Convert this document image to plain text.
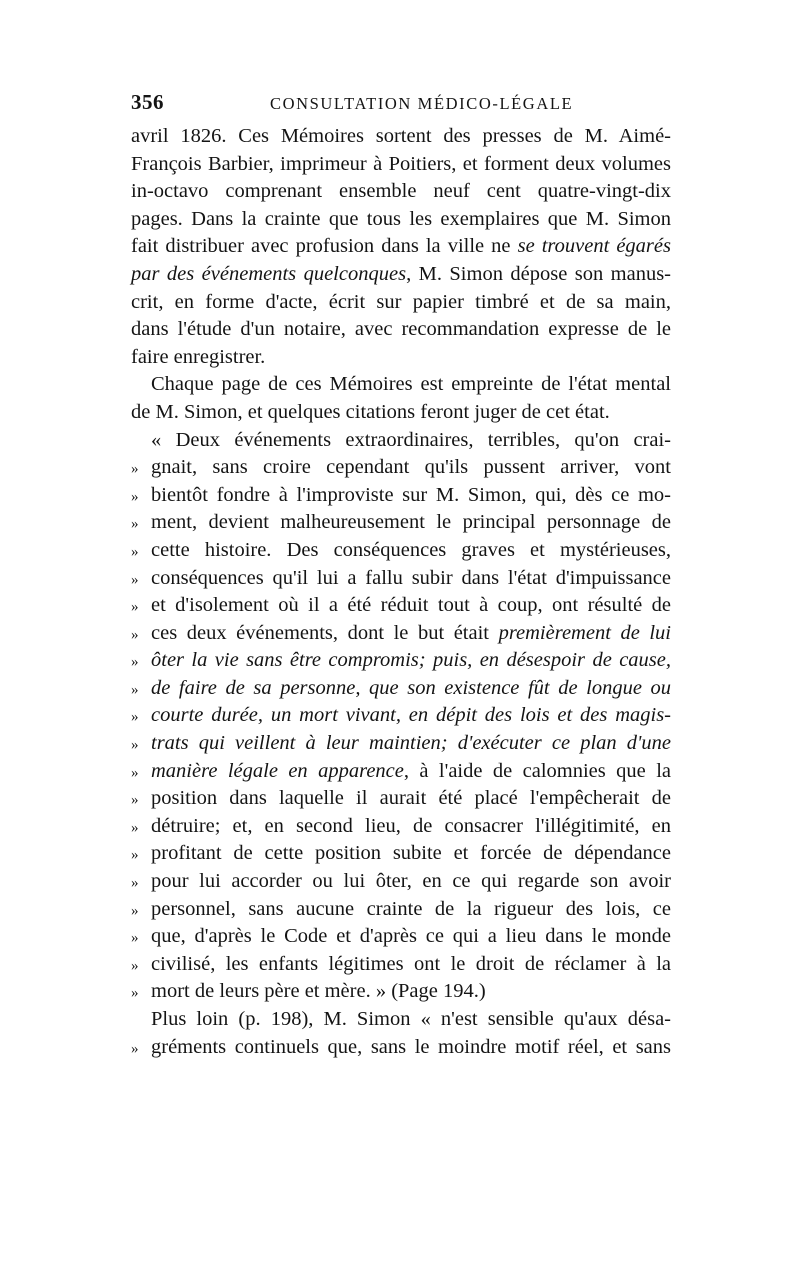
356	CONSULTATION MÉDICO-LÉGALE
avril 1826. Ces Mémoires sortent des presses de M. Aimé-
François Barbier, imprimeur à Poitiers, et forment deux volumes
in-octavo comprenant ensemble neuf cent quatre-vingt-dix
pages. Dans la crainte que tous les exemplaires que M. Simon
fait distribuer avec profusion dans la ville ne se trouvent égarés
par des événements quelconques, M. Simon dépose son manus-
crit, en forme d'acte, écrit sur papier timbré et de sa main,
dans l'étude d'un notaire, avec recommandation expresse de le
faire enregistrer.
Chaque page de ces Mémoires est empreinte de l'état mental
de M. Simon, et quelques citations feront juger de cet état.
« Deux événements extraordinaires, terribles, qu'on crai-
» gnait, sans croire cependant qu'ils pussent arriver, vont
» bientôt fondre à l'improviste sur M. Simon, qui, dès ce mo-
» ment, devient malheureusement le principal personnage de
» cette histoire. Des conséquences graves et mystérieuses,
» conséquences qu'il lui a fallu subir dans l'état d'impuissance
» et d'isolement où il a été réduit tout à coup, ont résulté de
» ces deux événements, dont le but était premièrement de lui
» ôter la vie sans être compromis; puis, en désespoir de cause,
» de faire de sa personne, que son existence fût de longue ou
» courte durée, un mort vivant, en dépit des lois et des magis-
» trats qui veillent à leur maintien; d'exécuter ce plan d'une
» manière légale en apparence, à l'aide de calomnies que la
» position dans laquelle il aurait été placé l'empêcherait de
» détruire; et, en second lieu, de consacrer l'illégitimité, en
» profitant de cette position subite et forcée de dépendance
» pour lui accorder ou lui ôter, en ce qui regarde son avoir
» personnel, sans aucune crainte de la rigueur des lois, ce
» que, d'après le Code et d'après ce qui a lieu dans le monde
» civilisé, les enfants légitimes ont le droit de réclamer à la
» mort de leurs père et mère. » (Page 194.)
Plus loin (p. 198), M. Simon « n'est sensible qu'aux désa-
» gréments continuels que, sans le moindre motif réel, et sans
